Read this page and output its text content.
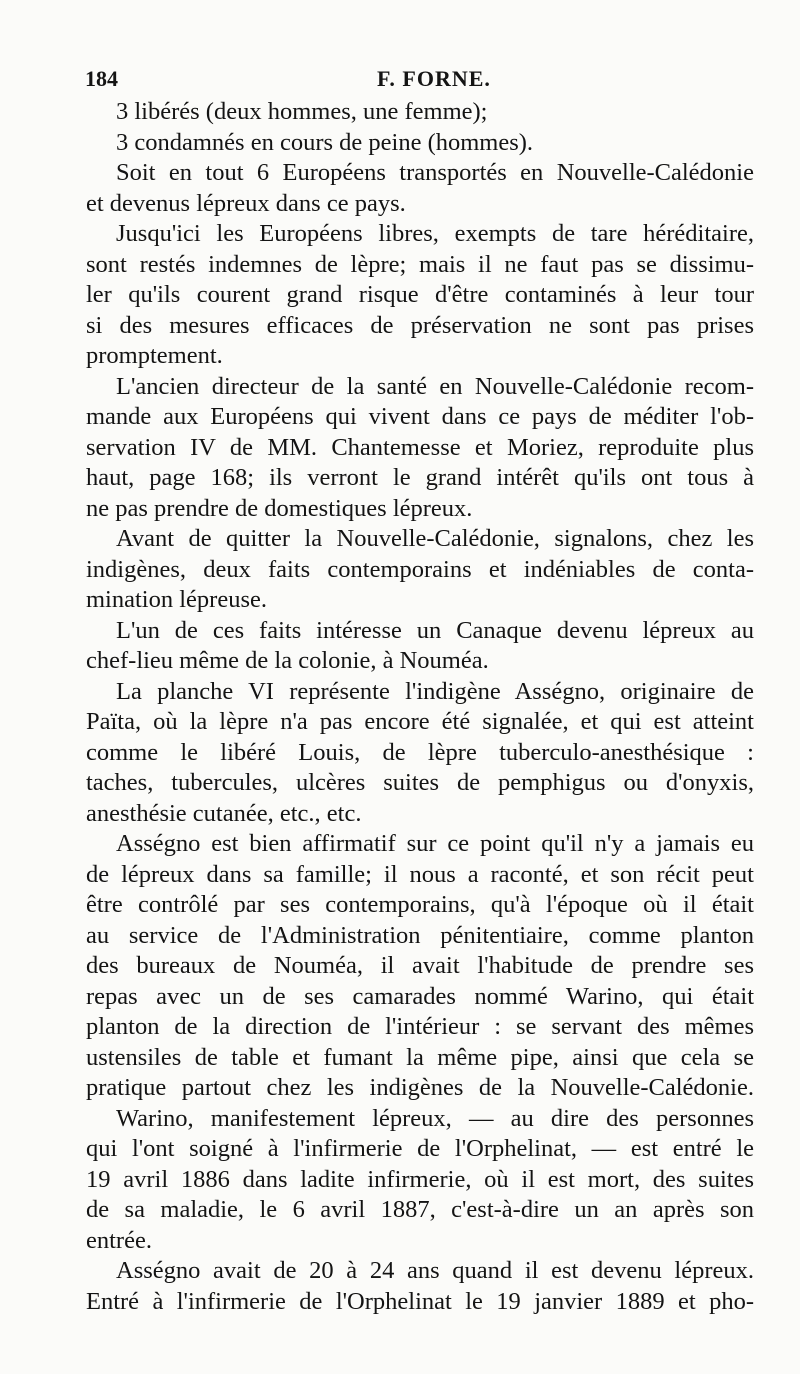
184	F. FORNE.
3 libérés (deux hommes, une femme);
3 condamnés en cours de peine (hommes).
Soit en tout 6 Européens transportés en Nouvelle-Calédonie
et devenus lépreux dans ce pays.
Jusqu'ici les Européens libres, exempts de tare héréditaire,
sont restés indemnes de lèpre; mais il ne faut pas se dissimu-
ler qu'ils courent grand risque d'être contaminés à leur tour
si des mesures efficaces de préservation ne sont pas prises
promptement.
L'ancien directeur de la santé en Nouvelle-Calédonie recom-
mande aux Européens qui vivent dans ce pays de méditer l'ob-
servation IV de MM. Chantemesse et Moriez, reproduite plus
haut, page 168; ils verront le grand intérêt qu'ils ont tous à
ne pas prendre de domestiques lépreux.
Avant de quitter la Nouvelle-Calédonie, signalons, chez les
indigènes, deux faits contemporains et indéniables de conta-
mination lépreuse.
L'un de ces faits intéresse un Canaque devenu lépreux au
chef-lieu même de la colonie, à Nouméa.
La planche VI représente l'indigène Asségno, originaire de
Païta, où la lèpre n'a pas encore été signalée, et qui est atteint
comme le libéré Louis, de lèpre tuberculo-anesthésique :
taches, tubercules, ulcères suites de pemphigus ou d'onyxis,
anesthésie cutanée, etc., etc.
Asségno est bien affirmatif sur ce point qu'il n'y a jamais eu
de lépreux dans sa famille; il nous a raconté, et son récit peut
être contrôlé par ses contemporains, qu'à l'époque où il était
au service de l'Administration pénitentiaire, comme planton
des bureaux de Nouméa, il avait l'habitude de prendre ses
repas avec un de ses camarades nommé Warino, qui était
planton de la direction de l'intérieur : se servant des mêmes
ustensiles de table et fumant la même pipe, ainsi que cela se
pratique partout chez les indigènes de la Nouvelle-Calédonie.
Warino, manifestement lépreux, — au dire des personnes
qui l'ont soigné à l'infirmerie de l'Orphelinat, — est entré le
19 avril 1886 dans ladite infirmerie, où il est mort, des suites
de sa maladie, le 6 avril 1887, c'est-à-dire un an après son
entrée.
Asségno avait de 20 à 24 ans quand il est devenu lépreux.
Entré à l'infirmerie de l'Orphelinat le 19 janvier 1889 et pho-
